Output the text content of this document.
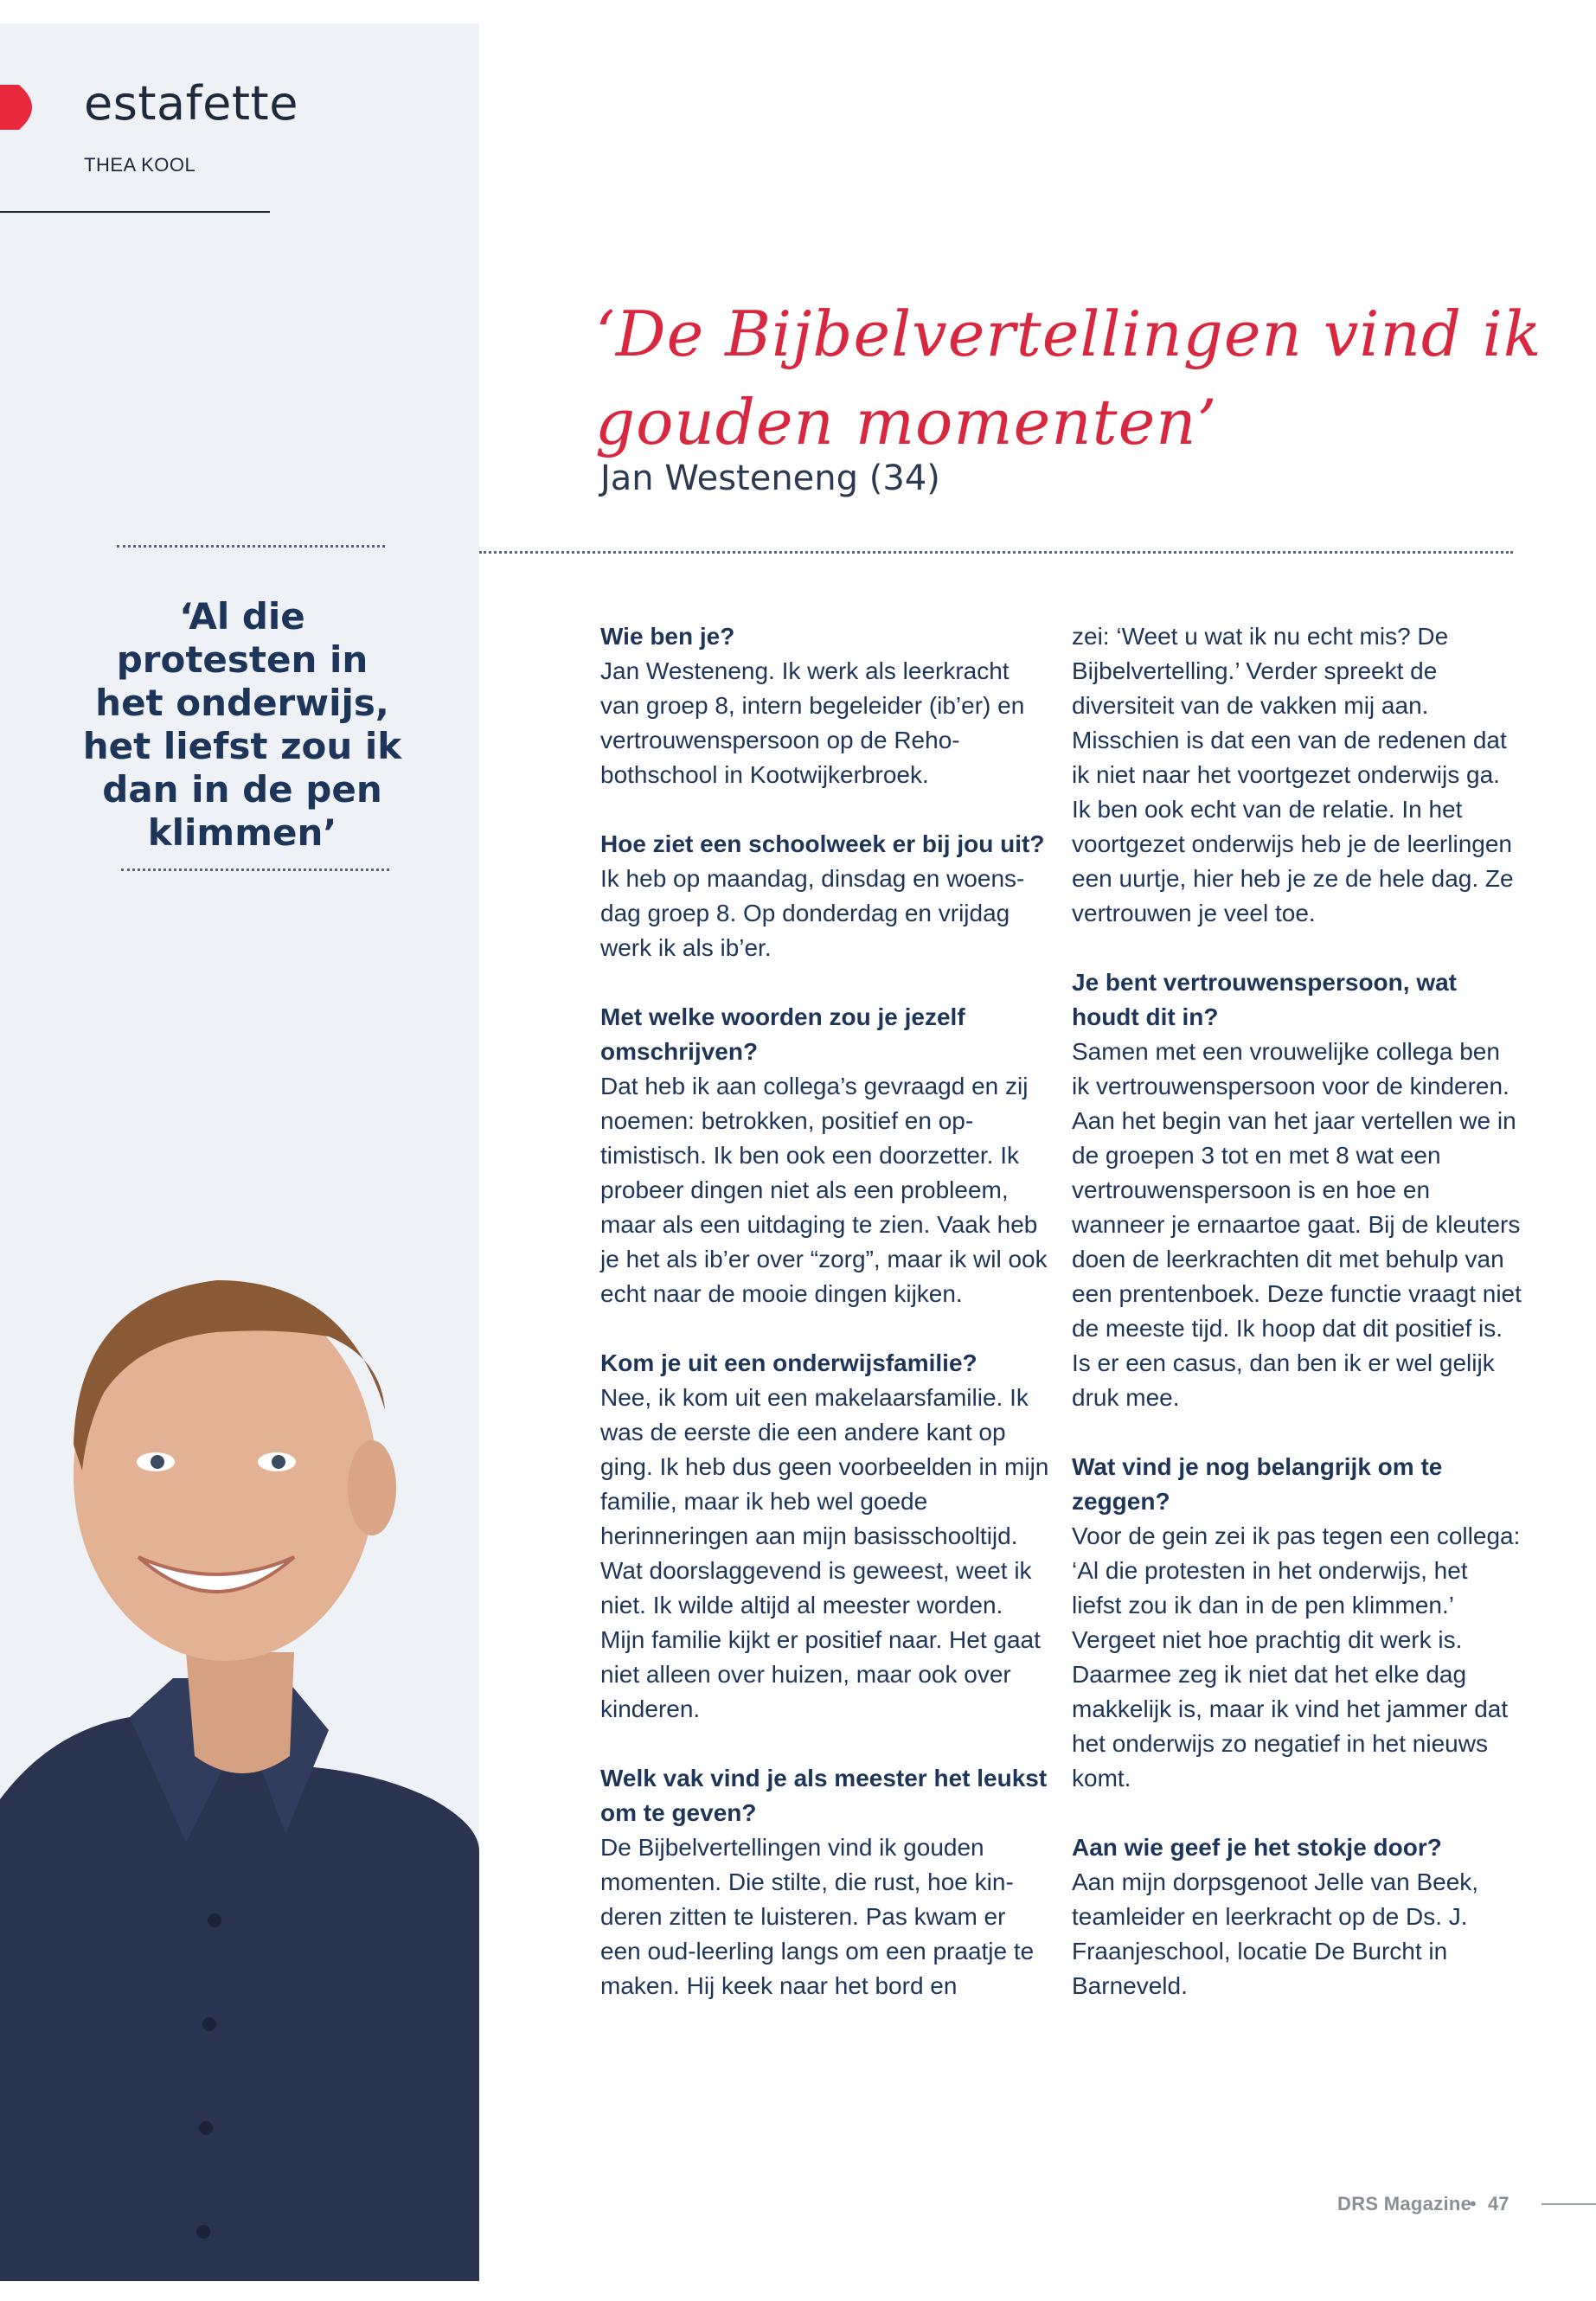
estafette
THEA KOOL
‘Al die protesten in het onderwijs, het liefst zou ik dan in de pen klimmen’
‘De Bijbelvertellingen vind ik
gouden momenten’
Jan Westeneng (34)

Wie ben je?

Jan Westeneng. Ik werk als leerkracht van groep 8, intern begeleider (ib’er) en vertrouwenspersoon op de Rehobothschool in Kootwijkerbroek.

Hoe ziet een schoolweek er bij jou uit?

Ik heb op maandag, dinsdag en woensdag groep 8. Op donderdag en vrijdag werk ik als ib’er.

Met welke woorden zou je jezelf omschrijven?

Dat heb ik aan collega’s gevraagd en zij noemen: betrokken, positief en optimistisch. Ik ben ook een doorzetter. Ik probeer dingen niet als een probleem, maar als een uitdaging te zien. Vaak heb je het als ib’er over “zorg”, maar ik wil ook echt naar de mooie dingen kijken.

Kom je uit een onderwijsfamilie?

Nee, ik kom uit een makelaarsfamilie. Ik was de eerste die een andere kant op ging. Ik heb dus geen voorbeelden in mijn familie, maar ik heb wel goede herinneringen aan mijn basisschooltijd. Wat doorslaggevend is geweest, weet ik niet. Ik wilde altijd al meester worden. Mijn familie kijkt er positief naar. Het gaat niet alleen over huizen, maar ook over kinderen.

Welk vak vind je als meester het leukst om te geven?

De Bijbelvertellingen vind ik gouden momenten. Die stilte, die rust, hoe kinderen zitten te luisteren. Pas kwam er een oud-leerling langs om een praatje te maken. Hij keek naar het bord en

zei: ‘Weet u wat ik nu echt mis? De Bijbelvertelling.’ Verder spreekt de diversiteit van de vakken mij aan. Misschien is dat een van de redenen dat ik niet naar het voortgezet onderwijs ga. Ik ben ook echt van de relatie. In het voortgezet onderwijs heb je de leerlingen een uurtje, hier heb je ze de hele dag. Ze vertrouwen je veel toe.

Je bent vertrouwenspersoon, wat houdt dit in?

Samen met een vrouwelijke collega ben ik vertrouwenspersoon voor de kinderen. Aan het begin van het jaar vertellen we in de groepen 3 tot en met 8 wat een vertrouwenspersoon is en hoe en wanneer je ernaartoe gaat. Bij de kleuters doen de leerkrachten dit met behulp van een prentenboek. Deze functie vraagt niet de meeste tijd. Ik hoop dat dit positief is. Is er een casus, dan ben ik er wel gelijk druk mee.

Wat vind je nog belangrijk om te zeggen?

Voor de gein zei ik pas tegen een collega: ‘Al die protesten in het onderwijs, het liefst zou ik dan in de pen klimmen.’ Vergeet niet hoe prachtig dit werk is. Daarmee zeg ik niet dat het elke dag makkelijk is, maar ik vind het jammer dat het onderwijs zo negatief in het nieuws komt.

Aan wie geef je het stokje door?

Aan mijn dorpsgenoot Jelle van Beek, teamleider en leerkracht op de Ds. J. Fraanjeschool, locatie De Burcht in Barneveld.

DRS Magazine
• 47
